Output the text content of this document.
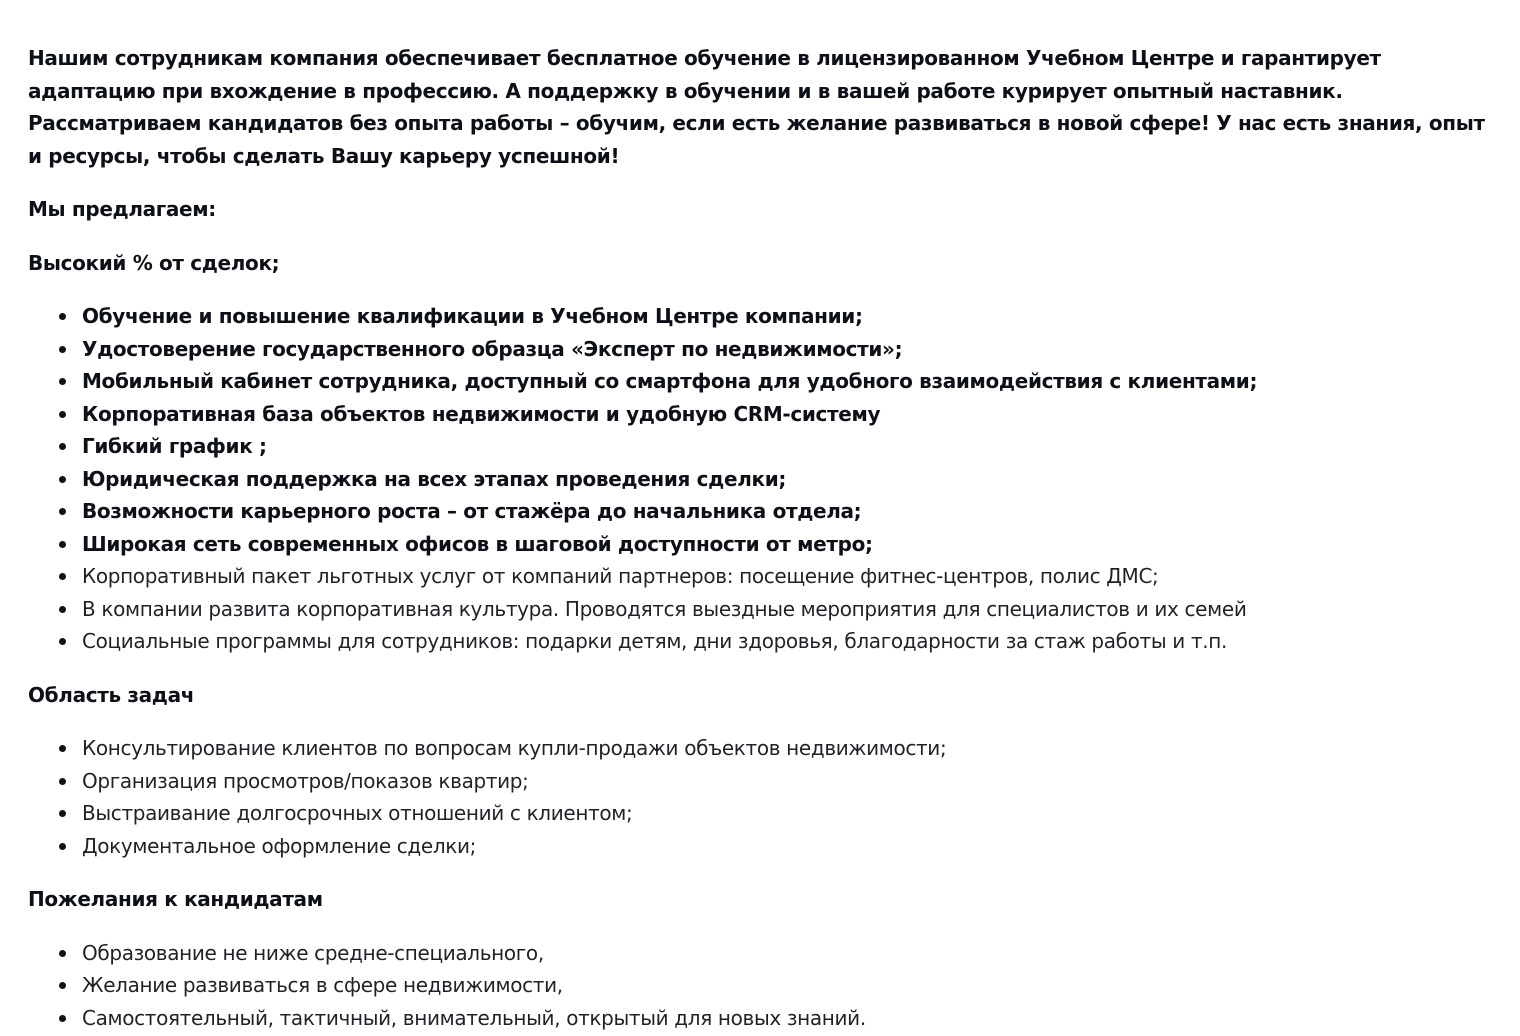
Нашим сотрудникам компания обеспечивает бесплатное обучение в лицензированном Учебном Центре и гарантирует адаптацию при вхождение в профессию. А поддержку в обучении и в вашей работе курирует опытный наставник. Рассматриваем кандидатов без опыта работы – обучим, если есть желание развиваться в новой сфере! У нас есть знания, опыт и ресурсы, чтобы сделать Вашу карьеру успешной!

Мы предлагаем:

Высокий % от сделок;

Обучение и повышение квалификации в Учебном Центре компании;
Удостоверение государственного образца «Эксперт по недвижимости»;
Мобильный кабинет сотрудника, доступный со смартфона для удобного взаимодействия с клиентами;
Корпоративная база объектов недвижимости и удобную CRM-систему
Гибкий график ;
Юридическая поддержка на всех этапах проведения сделки;
Возможности карьерного роста – от стажёра до начальника отдела;
Широкая сеть современных офисов в шаговой доступности от метро;
Корпоративный пакет льготных услуг от компаний партнеров: посещение фитнес-центров, полис ДМС;
В компании развита корпоративная культура. Проводятся выездные мероприятия для специалистов и их семей
Социальные программы для сотрудников: подарки детям, дни здоровья, благодарности за стаж работы и т.п.

Область задач

Консультирование клиентов по вопросам купли-продажи объектов недвижимости;
Организация просмотров/показов квартир;
Выстраивание долгосрочных отношений с клиентом;
Документальное оформление сделки;

Пожелания к кандидатам

Образование не ниже средне-специального,
Желание развиваться в сфере недвижимости,
Самостоятельный, тактичный, внимательный, открытый для новых знаний.
